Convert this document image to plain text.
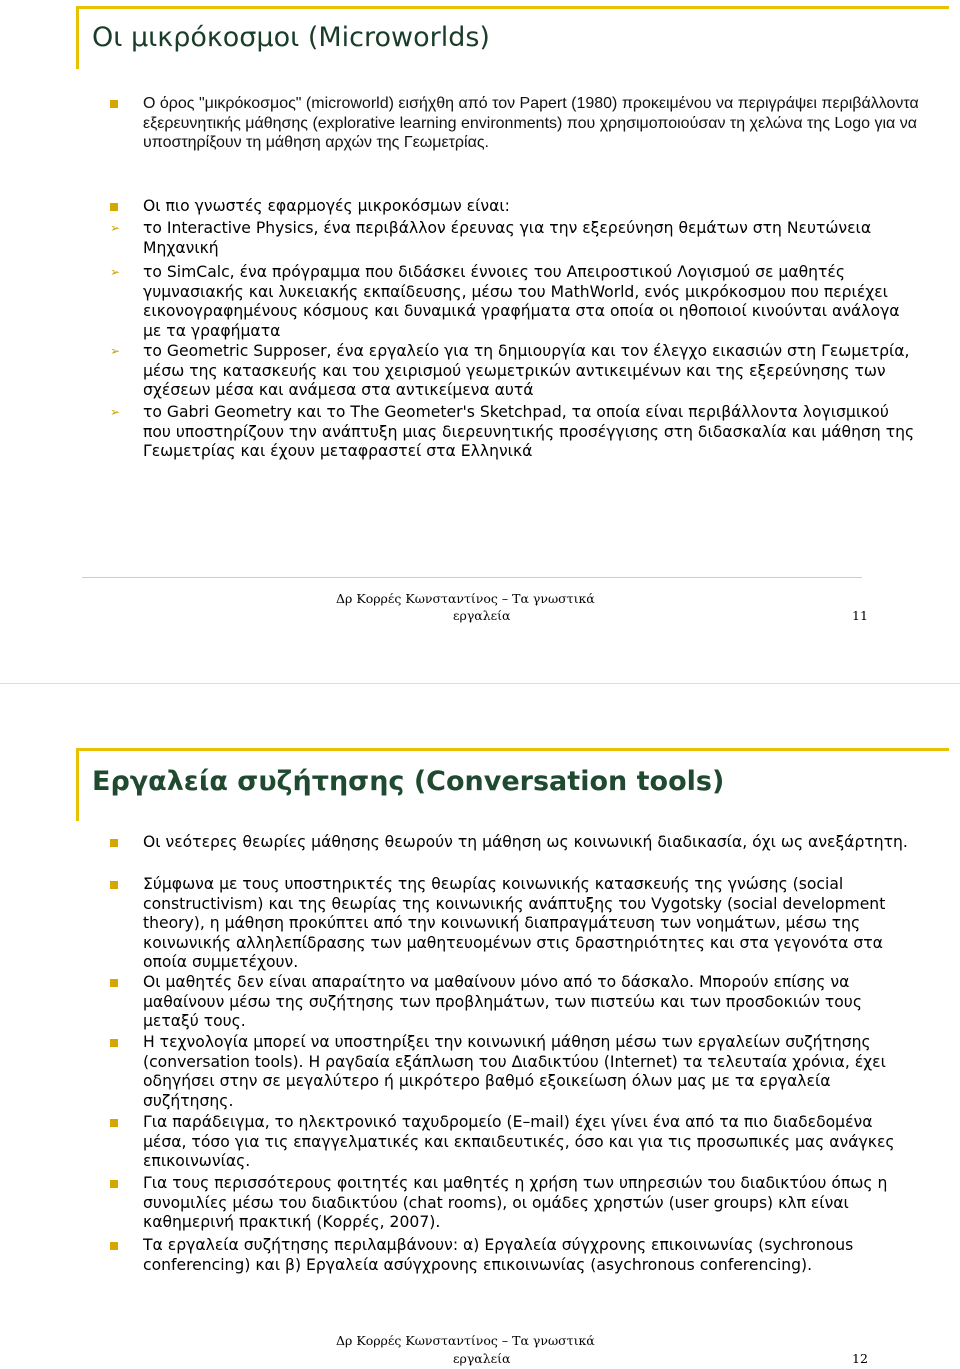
Οι μικρόκοσμοι (Microworlds)
Ο όρος "μικρόκοσμος" (microworld) εισήχθη από τον Papert (1980) προκειμένου να περιγράψει περιβάλλοντα εξερευνητικής μάθησης (explorative learning environments) που χρησιμοποιούσαν τη χελώνα της Logo για να υποστηρίξουν τη μάθηση αρχών της Γεωμετρίας.
Οι πιο γνωστές εφαρμογές μικροκόσμων είναι:
➢ το Interactive Physics, ένα περιβάλλον έρευνας για την εξερεύνηση θεμάτων στη Νευτώνεια Μηχανική
➢ το SimCalc, ένα πρόγραμμα που διδάσκει έννοιες του Απειροστικού Λογισμού σε μαθητές γυμνασιακής και λυκειακής εκπαίδευσης, μέσω του MathWorld, ενός μικρόκοσμου που περιέχει εικονογραφημένους κόσμους και δυναμικά γραφήματα στα οποία οι ηθοποιοί κινούνται ανάλογα με τα γραφήματα
➢ το Geometric Supposer, ένα εργαλείο για τη δημιουργία και τον έλεγχο εικασιών στη Γεωμετρία, μέσω της κατασκευής και του χειρισμού γεωμετρικών αντικειμένων και της εξερεύνησης των σχέσεων μέσα και ανάμεσα στα αντικείμενα αυτά
➢ το Gabri Geometry και το The Geometer's Sketchpad, τα οποία είναι περιβάλλοντα λογισμικού που υποστηρίζουν την ανάπτυξη μιας διερευνητικής προσέγγισης στη διδασκαλία και μάθηση της Γεωμετρίας και έχουν μεταφραστεί στα Ελληνικά
Δρ Κορρές Κωνσταντίνος – Τα γνωστικά
εργαλεία	11
Εργαλεία συζήτησης (Conversation tools)
Οι νεότερες θεωρίες μάθησης θεωρούν τη μάθηση ως κοινωνική διαδικασία, όχι ως ανεξάρτητη.
Σύμφωνα με τους υποστηρικτές της θεωρίας κοινωνικής κατασκευής της γνώσης (social constructivism) και της θεωρίας της κοινωνικής ανάπτυξης του Vygotsky (social development theory), η μάθηση προκύπτει από την κοινωνική διαπραγμάτευση των νοημάτων, μέσω της κοινωνικής αλληλεπίδρασης των μαθητευομένων στις δραστηριότητες και στα γεγονότα στα οποία συμμετέχουν.
Οι μαθητές δεν είναι απαραίτητο να μαθαίνουν μόνο από το δάσκαλο. Μπορούν επίσης να μαθαίνουν μέσω της συζήτησης των προβλημάτων, των πιστεύω και των προσδοκιών τους μεταξύ τους.
Η τεχνολογία μπορεί να υποστηρίξει την κοινωνική μάθηση μέσω των εργαλείων συζήτησης (conversation tools). Η ραγδαία εξάπλωση του Διαδικτύου (Internet) τα τελευταία χρόνια, έχει οδηγήσει στην σε μεγαλύτερο ή μικρότερο βαθμό εξοικείωση όλων μας με τα εργαλεία συζήτησης.
Για παράδειγμα, το ηλεκτρονικό ταχυδρομείο (E–mail) έχει γίνει ένα από τα πιο διαδεδομένα μέσα, τόσο για τις επαγγελματικές και εκπαιδευτικές, όσο και για τις προσωπικές μας ανάγκες επικοινωνίας.
Για τους περισσότερους φοιτητές και μαθητές η χρήση των υπηρεσιών του διαδικτύου όπως η συνομιλίες μέσω του διαδικτύου (chat rooms), οι ομάδες χρηστών (user groups) κλπ είναι καθημερινή πρακτική (Κορρές, 2007).
Τα εργαλεία συζήτησης περιλαμβάνουν: α) Εργαλεία σύγχρονης επικοινωνίας (sychronous conferencing) και β) Εργαλεία ασύγχρονης επικοινωνίας (asychronous conferencing).
Δρ Κορρές Κωνσταντίνος – Τα γνωστικά
εργαλεία	12
